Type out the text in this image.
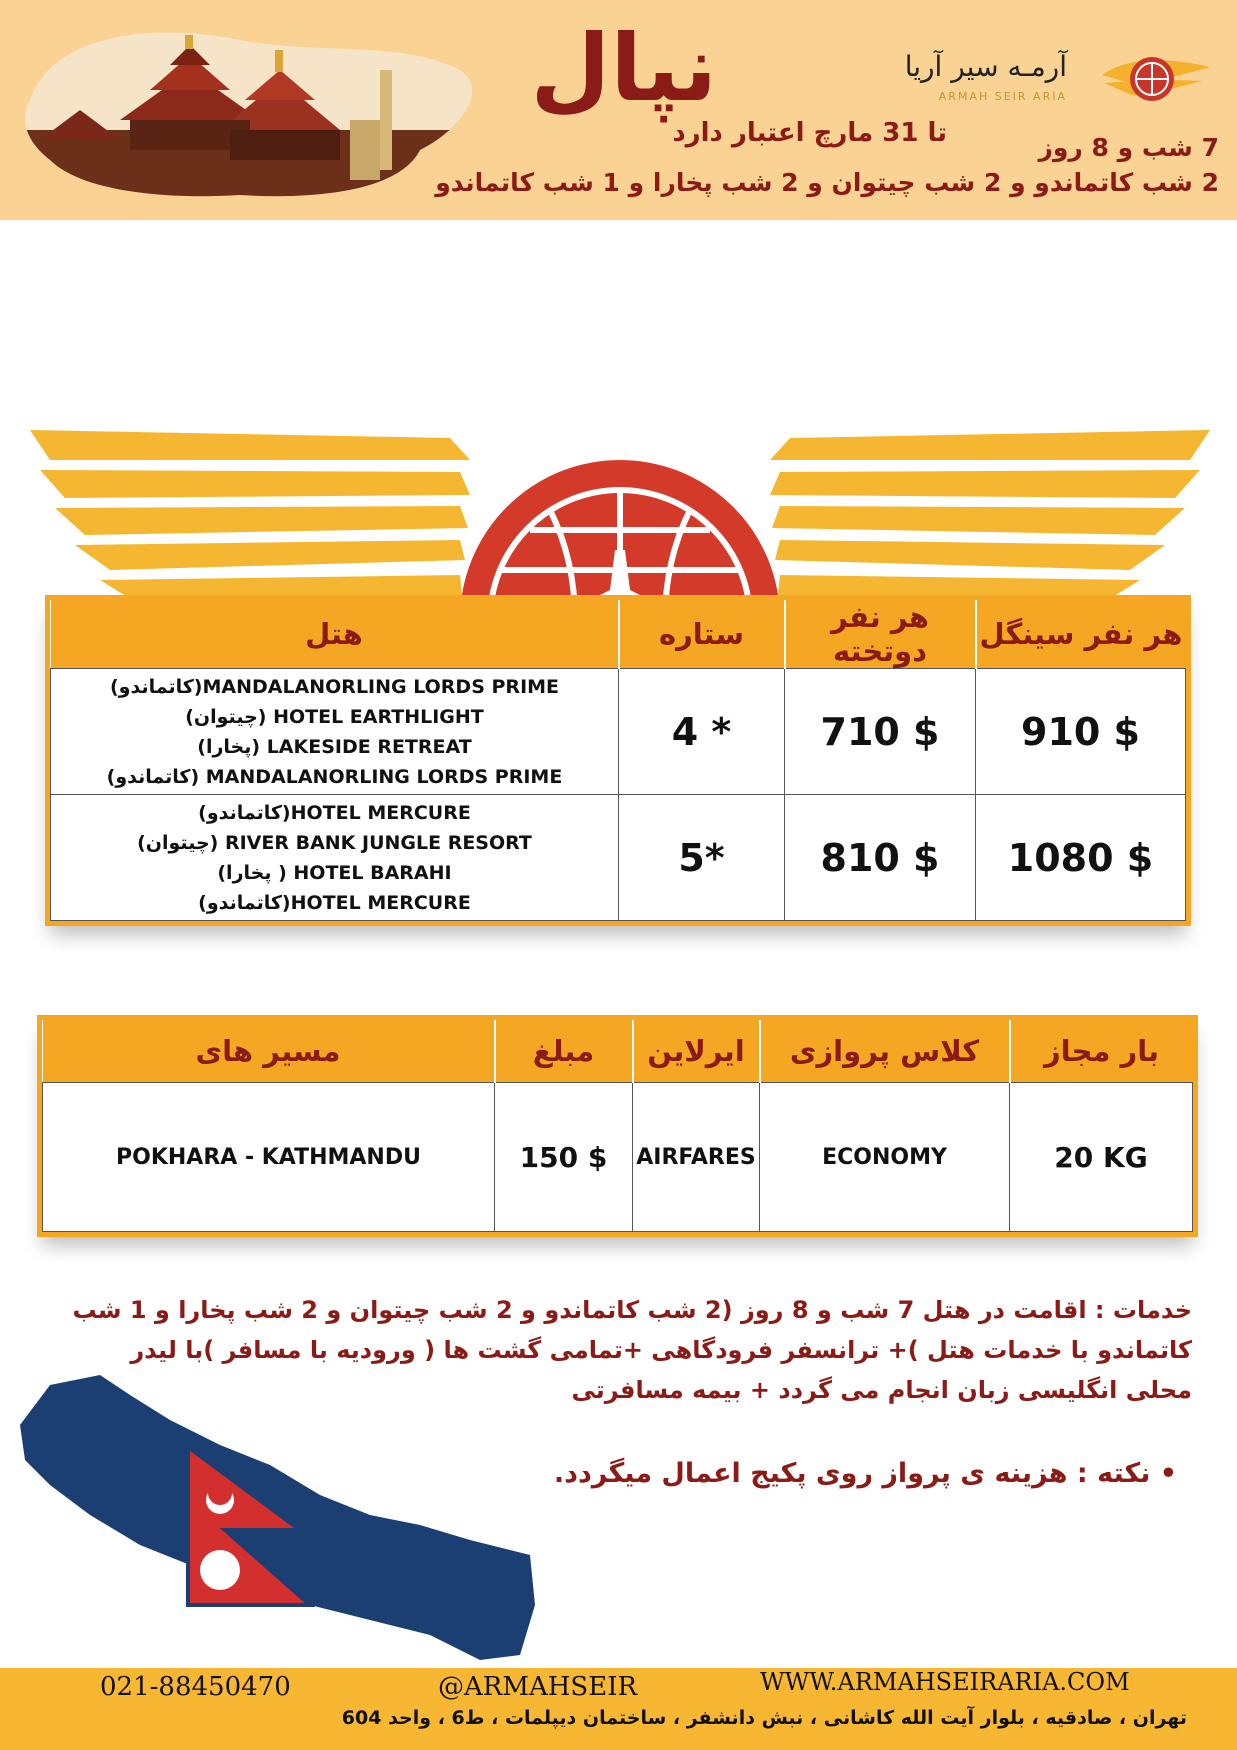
نپال
تا 31 مارچ اعتبار دارد	7 شب و 8 روز
2 شب کاتماندو و 2 شب چیتوان و 2 شب پخارا و 1 شب کاتماندو
آرمـه سیر آریا
ARMAH SEIR ARIA
هتل	ستاره	هر نفر دوتخته	هر نفر سینگل

MANDALANORLING LORDS PRIME(کاتماندو)
HOTEL EARTHLIGHT (چیتوان)
LAKESIDE RETREAT (پخارا)
MANDALANORLING LORDS PRIME (کاتماندو)	4 *	710 $	910 $

HOTEL MERCURE(کاتماندو)
RIVER BANK JUNGLE RESORT (چیتوان)
HOTEL BARAHI ( پخارا)
HOTEL MERCURE(کاتماندو)	5*	810 $	1080 $
مسیر های	مبلغ	ایرلاین	کلاس پروازی	بار مجاز
POKHARA - KATHMANDU	150 $	AIRFARES	ECONOMY	20 KG
خدمات : اقامت در هتل 7 شب و 8 روز (2 شب کاتماندو و 2 شب چیتوان و 2 شب پخارا و 1 شب کاتماندو با خدمات هتل )+ ترانسفر فرودگاهی +تمامی گشت ها ( ورودیه با مسافر )با لیدر محلی انگلیسی زبان انجام می گردد + بیمه مسافرتی
• نکته : هزینه ی پرواز روی پکیج اعمال میگردد.
021-88450470	@ARMAHSEIR	WWW.ARMAHSEIRARIA.COM
تهران ، صادقیه ، بلوار آیت الله کاشانی ، نبش دانشفر ، ساختمان دیپلمات ، ط6 ، واحد 604
